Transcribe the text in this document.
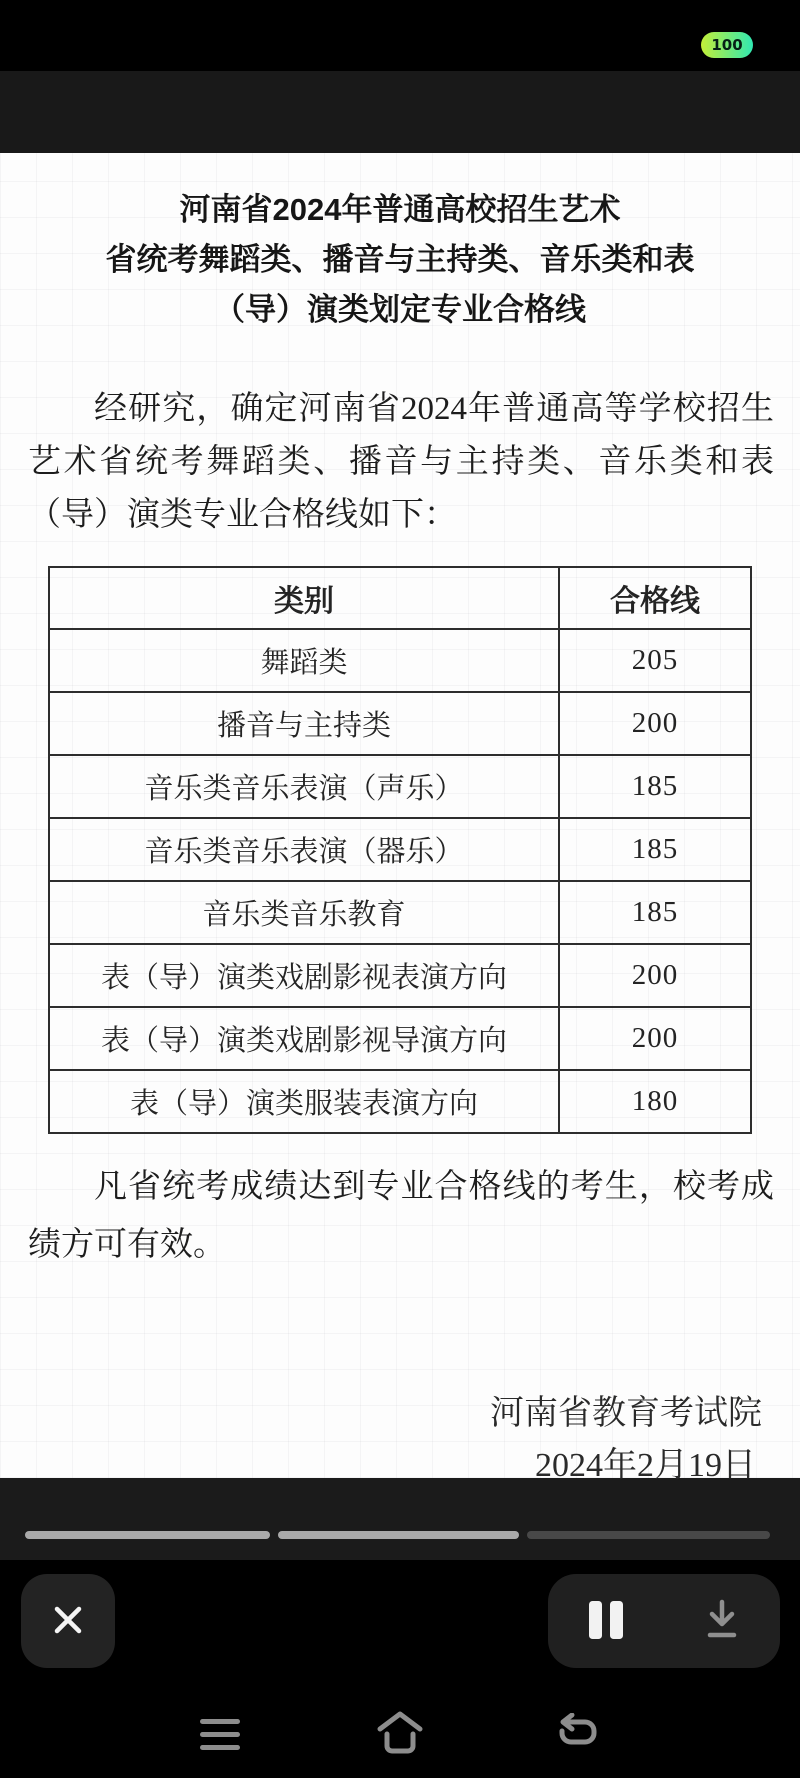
100
河南省2024年普通高校招生艺术
省统考舞蹈类、播音与主持类、音乐类和表
（导）演类划定专业合格线
经研究，确定河南省2024年普通高等学校招生艺术省统考舞蹈类、播音与主持类、音乐类和表（导）演类专业合格线如下：
类别	合格线
舞蹈类	205
播音与主持类	200
音乐类音乐表演（声乐）	185
音乐类音乐表演（器乐）	185
音乐类音乐教育	185
表（导）演类戏剧影视表演方向	200
表（导）演类戏剧影视导演方向	200
表（导）演类服装表演方向	180
凡省统考成绩达到专业合格线的考生，校考成绩方可有效。
河南省教育考试院
2024年2月19日
